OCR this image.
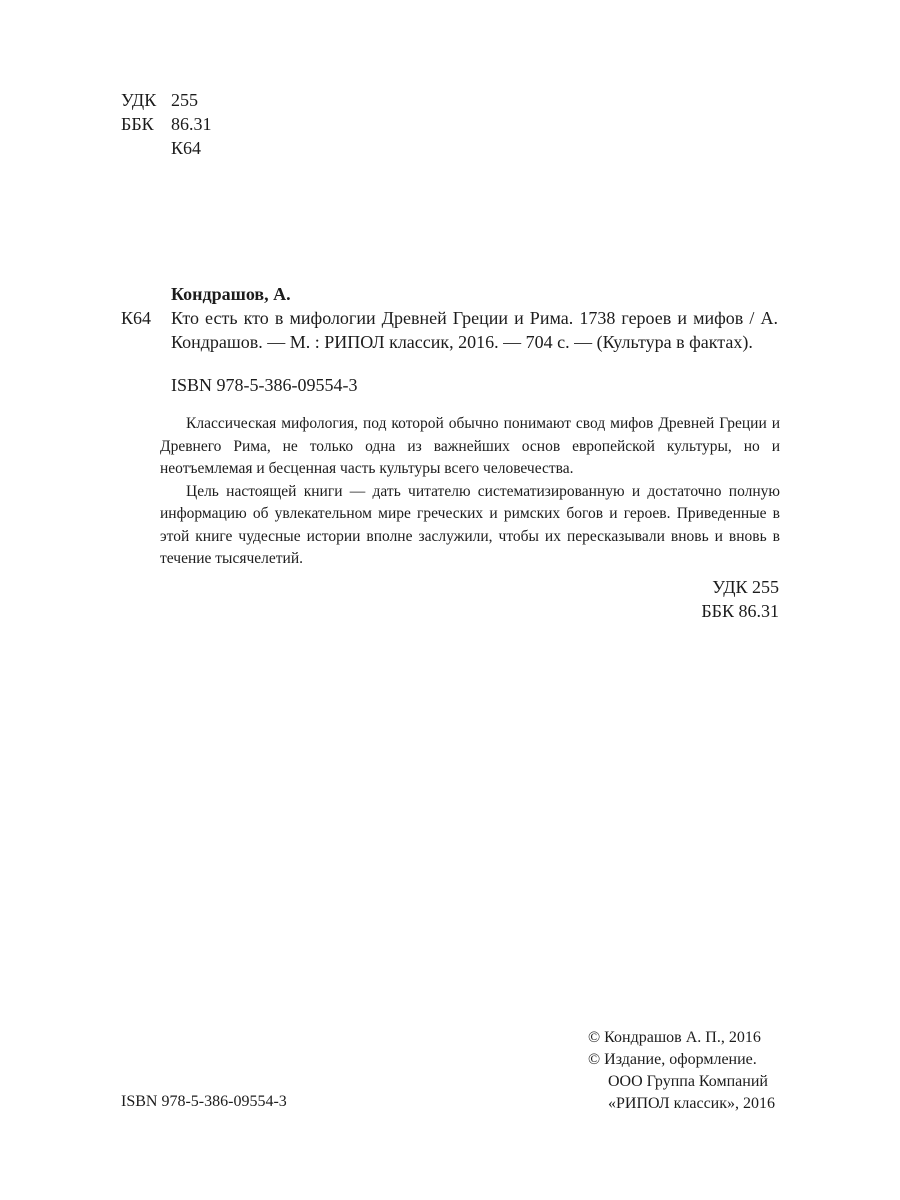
УДК 255
ББК 86.31
К64
Кондрашов, А.
К64 Кто есть кто в мифологии Древней Греции и Рима. 1738 героев и мифов / А. Кондрашов. — М. : РИПОЛ классик, 2016. — 704 с. — (Культура в фактах).
ISBN 978-5-386-09554-3

Классическая мифология, под которой обычно понимают свод мифов Древней Греции и Древнего Рима, не только одна из важнейших основ европейской культуры, но и неотъемлемая и бесценная часть культуры всего человечества.

Цель настоящей книги — дать читателю систематизированную и достаточно полную информацию об увлекательном мире греческих и римских богов и героев. Приведенные в этой книге чудесные истории вполне заслужили, чтобы их пересказывали вновь и вновь в течение тысячелетий.

УДК 255
ББК 86.31
ISBN 978-5-386-09554-3
© Кондрашов А. П., 2016
© Издание, оформление.
ООО Группа Компаний
«РИПОЛ классик», 2016
